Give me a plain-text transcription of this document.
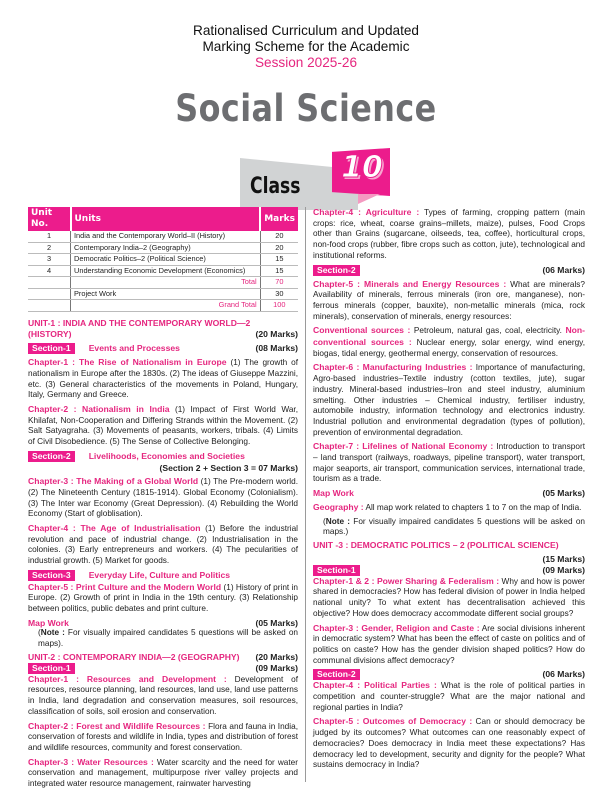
Rationalised Curriculum and Updated
Marking Scheme for the Academic
Session 2025-26
Social Science
Class
10
Unit No.	Units	Marks
1	India and the Contemporary World–II (History)	20
2	Contemporary India–2 (Geography)	20
3	Democratic Politics–2 (Political Science)	15
4	Understanding Economic Development (Economics)	15
	Total	70
	Project Work	30
	Grand Total	100
UNIT-1 : INDIA AND THE CONTEMPORARY WORLD—2
(HISTORY)	(20 Marks)
Section-1 Events and Processes	(08 Marks)

Chapter-1 : The Rise of Nationalism in Europe (1) The growth of nationalism in Europe after the 1830s. (2) The ideas of Giuseppe Mazzini, etc. (3) General characteristics of the movements in Poland, Hungary, Italy, Germany and Greece.

Chapter-2 : Nationalism in India (1) Impact of First World War, Khilafat, Non-Cooperation and Differing Strands within the Movement. (2) Salt Satyagraha. (3) Movements of peasants, workers, tribals. (4) Limits of Civil Disobedience. (5) The Sense of Collective Belonging.

Section-2 Livelihoods, Economies and Societies
(Section 2 + Section 3 = 07 Marks)

Chapter-3 : The Making of a Global World (1) The Pre-modern world. (2) The Nineteenth Century (1815-1914). Global Economy (Colonialism). (3) The Inter war Economy (Great Depression). (4) Rebuilding the World Economy (Start of globlisation).

Chapter-4 : The Age of Industrialisation (1) Before the industrial revolution and pace of industrial change. (2) Industrialisation in the colonies. (3) Early entrepreneurs and workers. (4) The pecularities of industrial growth. (5) Market for goods.

Section-3 Everyday Life, Culture and Politics

Chapter-5 : Print Culture and the Modern World (1) History of print in Europe. (2) Growth of print in India in the 19th century. (3) Relationship between politics, public debates and print culture.

Map Work	(05 Marks)
(Note : For visually impaired candidates 5 questions will be asked on maps).
UNIT-2 : CONTEMPORARY INDIA—2 (GEOGRAPHY) (20 Marks)
Section-1	(09 Marks)

Chapter-1 : Resources and Development : Development of resources, resource planning, land resources, land use, land use patterns in India, land degradation and conservation measures, soil resources, classification of soils, soil erosion and conservation.

Chapter-2 : Forest and Wildlife Resources : Flora and fauna in India, conservation of forests and wildlife in India, types and distribution of forest and wildlife resources, community and forest conservation.

Chapter-3 : Water Resources : Water scarcity and the need for water conservation and management, multipurpose river valley projects and integrated water resource management, rainwater harvesting

Chapter-4 : Agriculture : Types of farming, cropping pattern (main crops: rice, wheat, coarse grains–millets, maize), pulses, Food Crops other than Grains (sugarcane, oilseeds, tea, coffee), horticultural crops, non-food crops (rubber, fibre crops such as cotton, jute), technological and institutional reforms.

Section-2	(06 Marks)

Chapter-5 : Minerals and Energy Resources : What are minerals? Availability of minerals, ferrous minerals (iron ore, manganese), non-ferrous minerals (copper, bauxite), non-metallic minerals (mica, rock minerals), conservation of minerals, energy resources:

Conventional sources : Petroleum, natural gas, coal, electricity. Non-conventional sources : Nuclear energy, solar energy, wind energy, biogas, tidal energy, geothermal energy, conservation of resources.

Chapter-6 : Manufacturing Industries : Importance of manufacturing, Agro-based industries–Textile industry (cotton textiles, jute), sugar industry. Mineral-based industries–Iron and steel industry, aluminium smelting. Other industries – Chemical industry, fertiliser industry, automobile industry, information technology and electronics industry. Industrial pollution and environmental degradation (types of pollution), prevention of environmental degradation.

Chapter-7 : Lifelines of National Economy : Introduction to transport – land transport (railways, roadways, pipeline transport), water transport, major seaports, air transport, communication services, international trade, tourism as a trade.

Map Work	(05 Marks)

Geography : All map work related to chapters 1 to 7 on the map of India.

(Note : For visually impaired candidates 5 questions will be asked on maps.)
UNIT -3 : DEMOCRATIC POLITICS – 2 (POLITICAL SCIENCE)
(15 Marks)
Section-1	(09 Marks)

Chapter-1 & 2 : Power Sharing & Federalism : Why and how is power shared in democracies? How has federal division of power in India helped national unity? To what extent has decentralisation achieved this objective? How does democracy accommodate different social groups?

Chapter-3 : Gender, Religion and Caste : Are social divisions inherent in democratic system? What has been the effect of caste on politics and of politics on caste? How has the gender division shaped politics? How do communal divisions affect democracy?

Section-2	(06 Marks)

Chapter-4 : Political Parties : What is the role of political parties in competition and counter-struggle? What are the major national and regional parties in India?

Chapter-5 : Outcomes of Democracy : Can or should democracy be judged by its outcomes? What outcomes can one reasonably expect of democracies? Does democracy in India meet these expectations? Has democracy led to development, security and dignity for the people? What sustains democracy in India?
